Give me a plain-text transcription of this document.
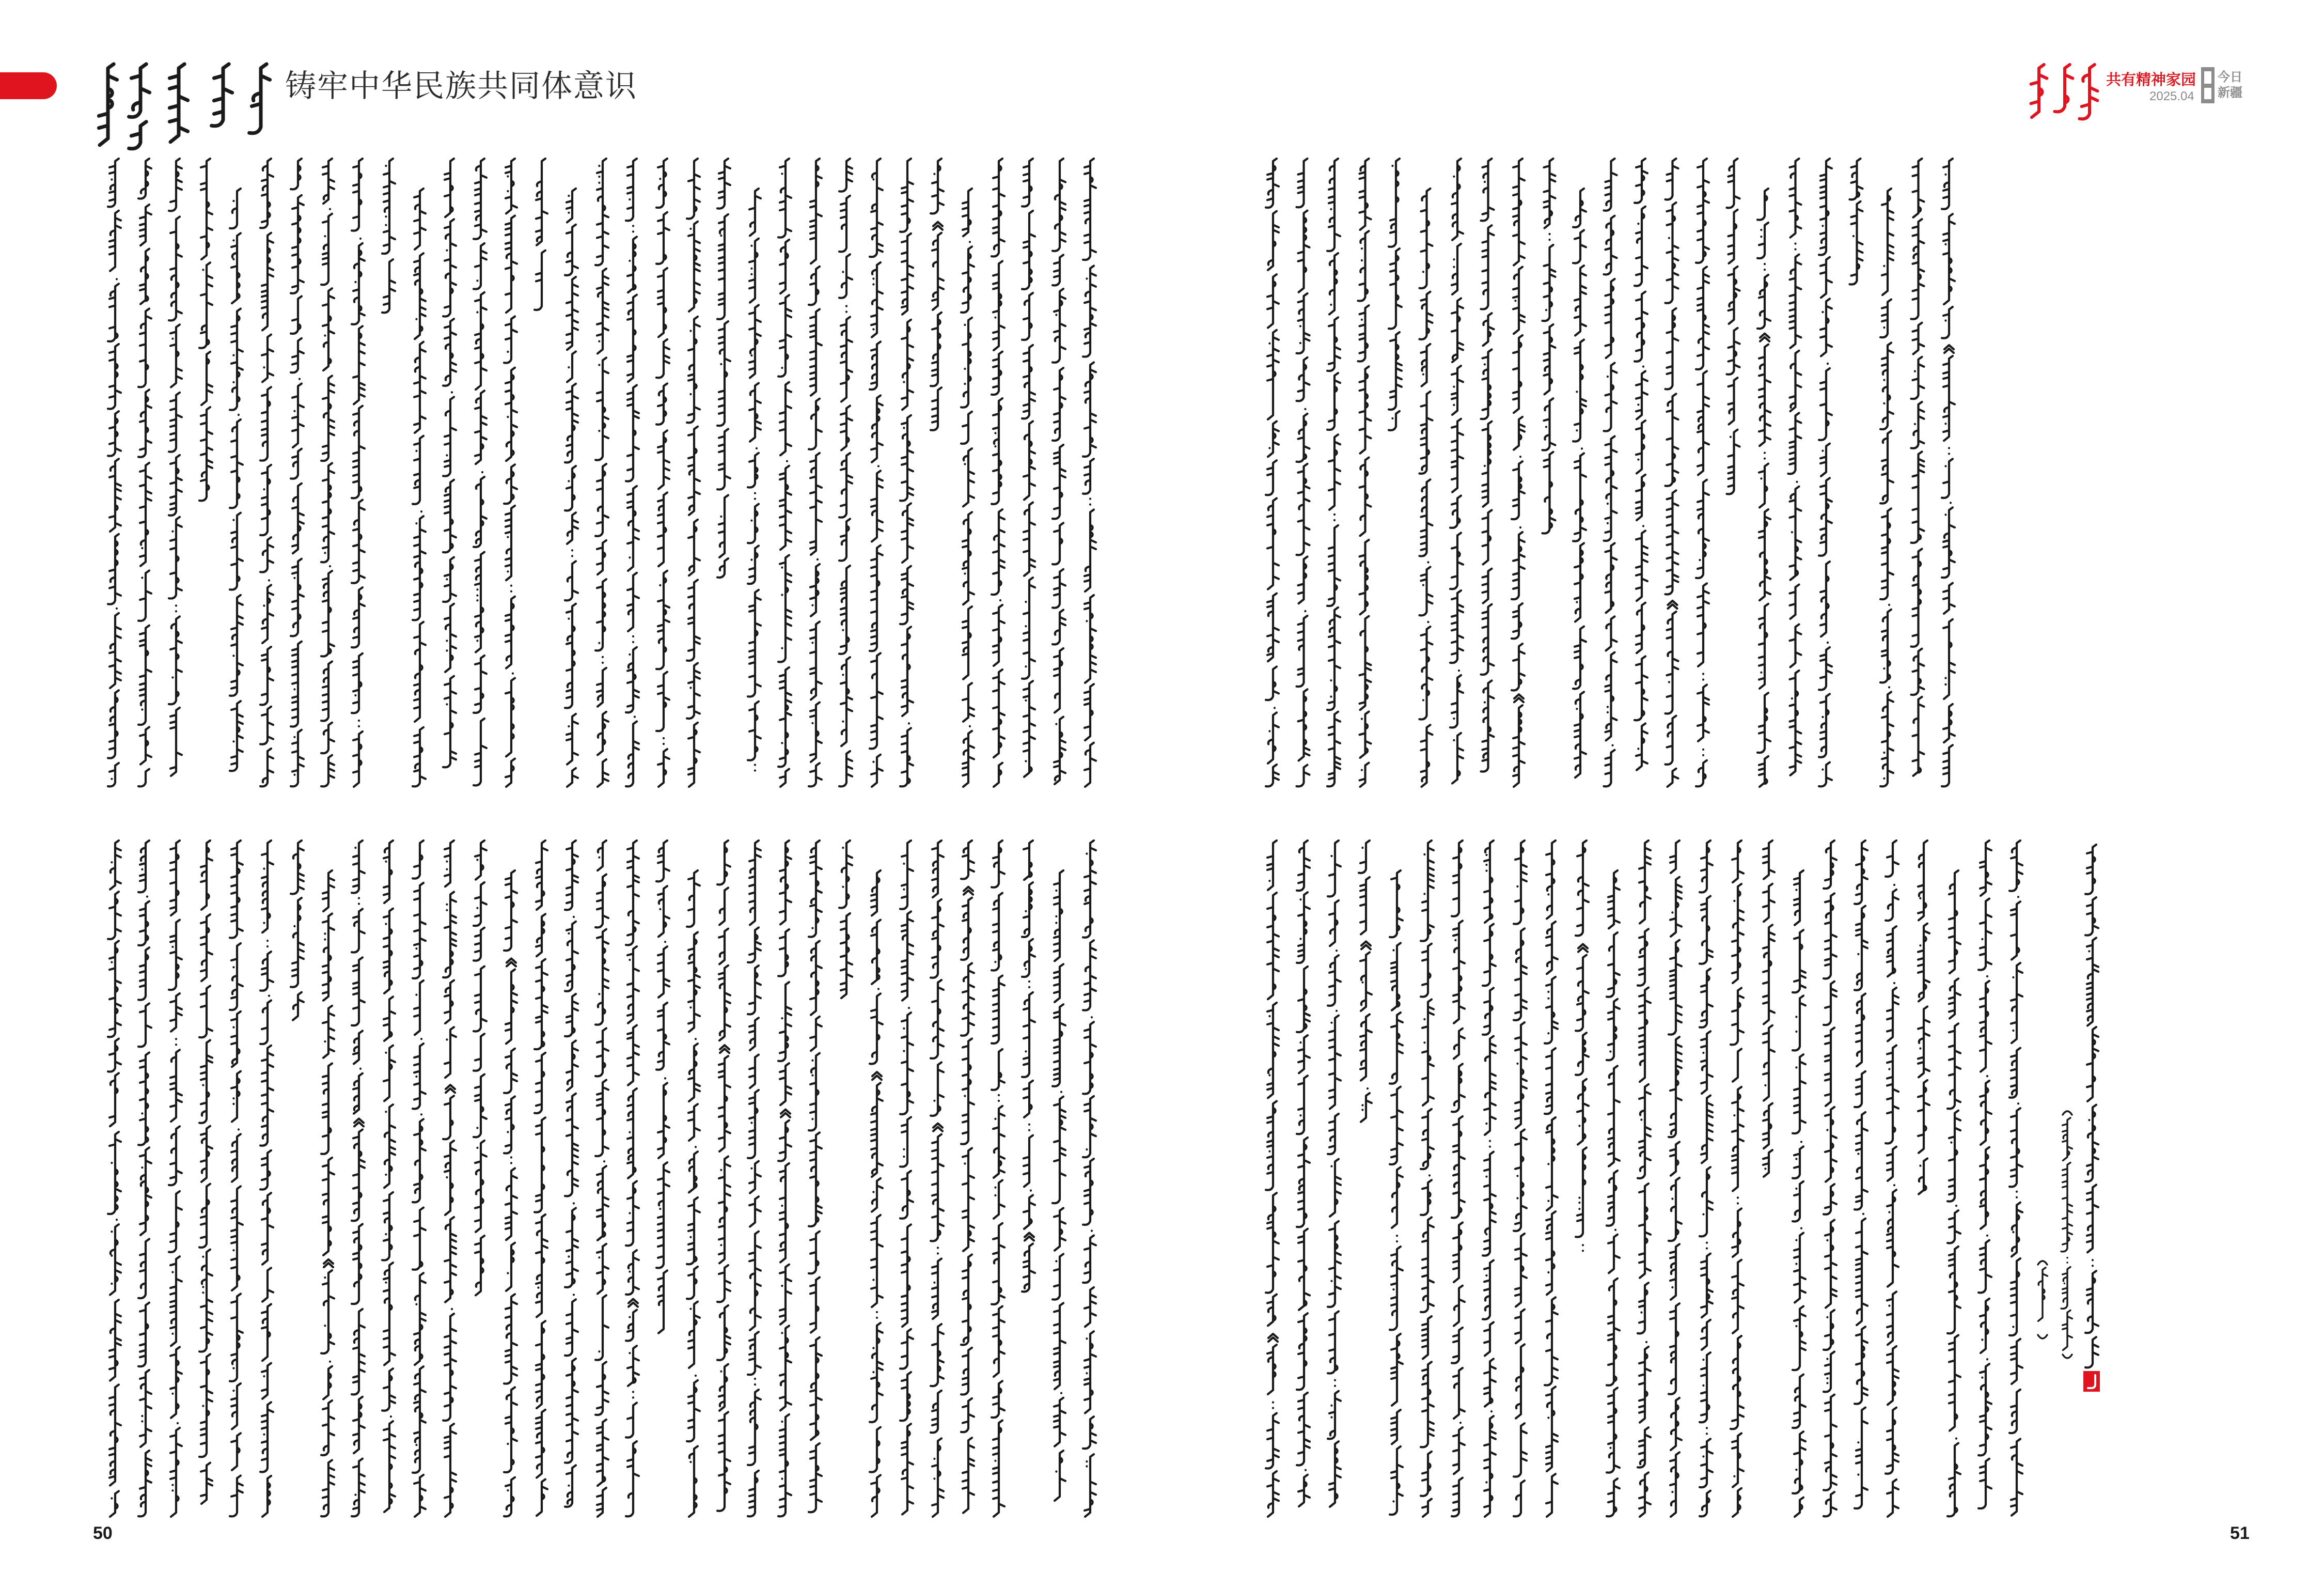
铸牢中华民族共同体意识	共有精神家园
2025.04
今日
新疆
50	51
